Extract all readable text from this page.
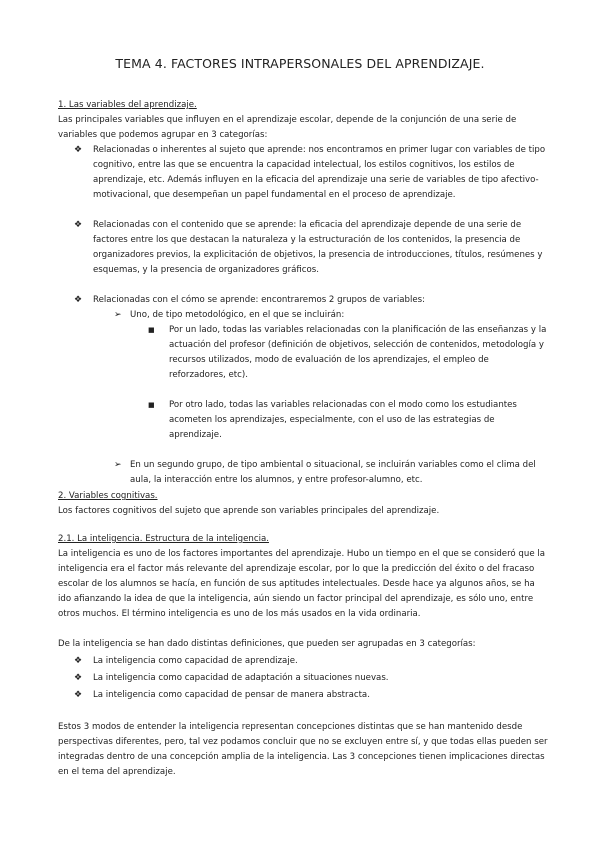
TEMA 4. FACTORES INTRAPERSONALES DEL APRENDIZAJE.

1. Las variables del aprendizaje.

Las principales variables que influyen en el aprendizaje escolar, depende de la conjunción de una serie de variables que podemos agrupar en 3 categorías:

❖ Relacionadas o inherentes al sujeto que aprende: nos encontramos en primer lugar con variables de tipo cognitivo, entre las que se encuentra la capacidad intelectual, los estilos cognitivos, los estilos de aprendizaje, etc. Además influyen en la eficacia del aprendizaje una serie de variables de tipo afectivo-motivacional, que desempeñan un papel fundamental en el proceso de aprendizaje.

❖ Relacionadas con el contenido que se aprende: la eficacia del aprendizaje depende de una serie de factores entre los que destacan la naturaleza y la estructuración de los contenidos, la presencia de organizadores previos, la explicitación de objetivos, la presencia de introducciones, títulos, resúmenes y esquemas, y la presencia de organizadores gráficos.

❖ Relacionadas con el cómo se aprende: encontraremos 2 grupos de variables:

➢ Uno, de tipo metodológico, en el que se incluirán:

■ Por un lado, todas las variables relacionadas con la planificación de las enseñanzas y la actuación del profesor (definición de objetivos, selección de contenidos, metodología y recursos utilizados, modo de evaluación de los aprendizajes, el empleo de reforzadores, etc).

■ Por otro lado, todas las variables relacionadas con el modo como los estudiantes acometen los aprendizajes, especialmente, con el uso de las estrategias de aprendizaje.

➢ En un segundo grupo, de tipo ambiental o situacional, se incluirán variables como el clima del aula, la interacción entre los alumnos, y entre profesor-alumno, etc.

2. Variables cognitivas.

Los factores cognitivos del sujeto que aprende son variables principales del aprendizaje.

2.1. La inteligencia. Estructura de la inteligencia.

La inteligencia es uno de los factores importantes del aprendizaje. Hubo un tiempo en el que se consideró que la inteligencia era el factor más relevante del aprendizaje escolar, por lo que la predicción del éxito o del fracaso escolar de los alumnos se hacía, en función de sus aptitudes intelectuales. Desde hace ya algunos años, se ha ido afianzando la idea de que la inteligencia, aún siendo un factor principal del aprendizaje, es sólo uno, entre otros muchos. El término inteligencia es uno de los más usados en la vida ordinaria.

De la inteligencia se han dado distintas definiciones, que pueden ser agrupadas en 3 categorías:

❖ La inteligencia como capacidad de aprendizaje.

❖ La inteligencia como capacidad de adaptación a situaciones nuevas.

❖ La inteligencia como capacidad de pensar de manera abstracta.

Estos 3 modos de entender la inteligencia representan concepciones distintas que se han mantenido desde perspectivas diferentes, pero, tal vez podamos concluir que no se excluyen entre sí, y que todas ellas pueden ser integradas dentro de una concepción amplia de la inteligencia. Las 3 concepciones tienen implicaciones directas en el tema del aprendizaje.
